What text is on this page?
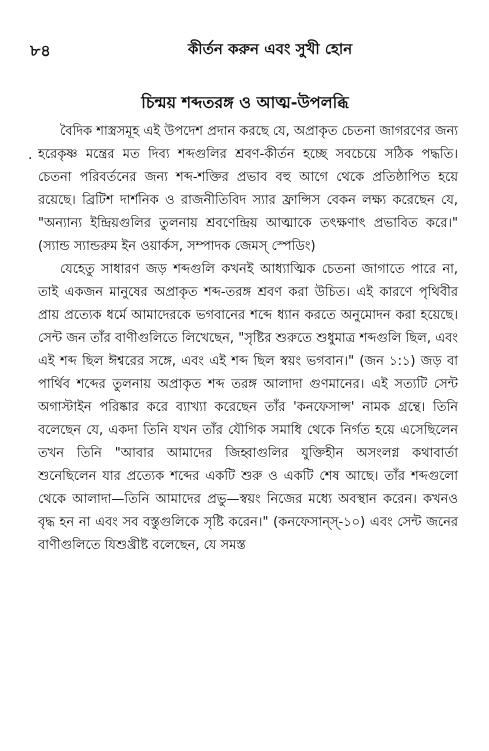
৮৪	কীর্তন করুন এবং সুখী হোন
চিন্ময় শব্দতরঙ্গ ও আত্ম-উপলব্ধি
·

বৈদিক শাস্ত্রসমূহ এই উপদেশ প্রদান করছে যে, অপ্রাকৃত চেতনা জাগরণের জন্য হরেকৃষ্ণ মন্ত্রের মত দিব্য শব্দগুলির শ্রবণ-কীর্তন হচ্ছে সবচেয়ে সঠিক পদ্ধতি। চেতনা পরিবর্তনের জন্য শব্দ-শক্তির প্রভাব বহু আগে থেকে প্রতিষ্ঠাপিত হয়ে রয়েছে। ব্রিটিশ দার্শনিক ও রাজনীতিবিদ স্যার ফ্রান্সিস বেকন লক্ষ্য করেছেন যে, "অন্যান্য ইন্দ্রিয়গুলির তুলনায় শ্রবণেন্দ্রিয় আত্মাকে তৎক্ষণাৎ প্রভাবিত করে।" (স্যান্ড স্যান্ডরুম ইন ওয়ার্কস, সম্পাদক জেমস্ স্পেডিং)

যেহেতু সাধারণ জড় শব্দগুলি কখনই আধ্যাত্মিক চেতনা জাগাতে পারে না, তাই একজন মানুষের অপ্রাকৃত শব্দ-তরঙ্গ শ্রবণ করা উচিত। এই কারণে পৃথিবীর প্রায় প্রত্যেক ধর্মে আমাদেরকে ভগবানের শব্দে ধ্যান করতে অনুমোদন করা হয়েছে। সেন্ট জন তাঁর বাণীগুলিতে লিখেছেন, "সৃষ্টির শুরুতে শুধুমাত্র শব্দগুলি ছিল, এবং এই শব্দ ছিল ঈশ্বরের সঙ্গে, এবং এই শব্দ ছিল স্বয়ং ভগবান।" (জন ১:১) জড় বা পার্থিব শব্দের তুলনায় অপ্রাকৃত শব্দ তরঙ্গ আলাদা গুণমানের। এই সত্যটি সেন্ট অগাস্টাইন পরিষ্কার করে ব্যাখ্যা করেছেন তাঁর 'কনফেসান্স' নামক গ্রন্থে। তিনি বলেছেন যে, একদা তিনি যখন তাঁর যৌগিক সমাধি থেকে নির্গত হয়ে এসেছিলেন তখন তিনি "আবার আমাদের জিহ্বাগুলির যুক্তিহীন অসংলগ্ন কথাবার্তা শুনেছিলেন যার প্রত্যেক শব্দের একটি শুরু ও একটি শেষ আছে। তাঁর শব্দগুলো থেকে আলাদা—তিনি আমাদের প্রভু—স্বয়ং নিজের মধ্যে অবস্থান করেন। কখনও বৃদ্ধ হন না এবং সব বস্তুগুলিকে সৃষ্টি করেন।" (কনফেসান্স্-১০) এবং সেন্ট জনের বাণীগুলিতে যিশুখ্রীষ্ট বলেছেন, যে সমস্ত
